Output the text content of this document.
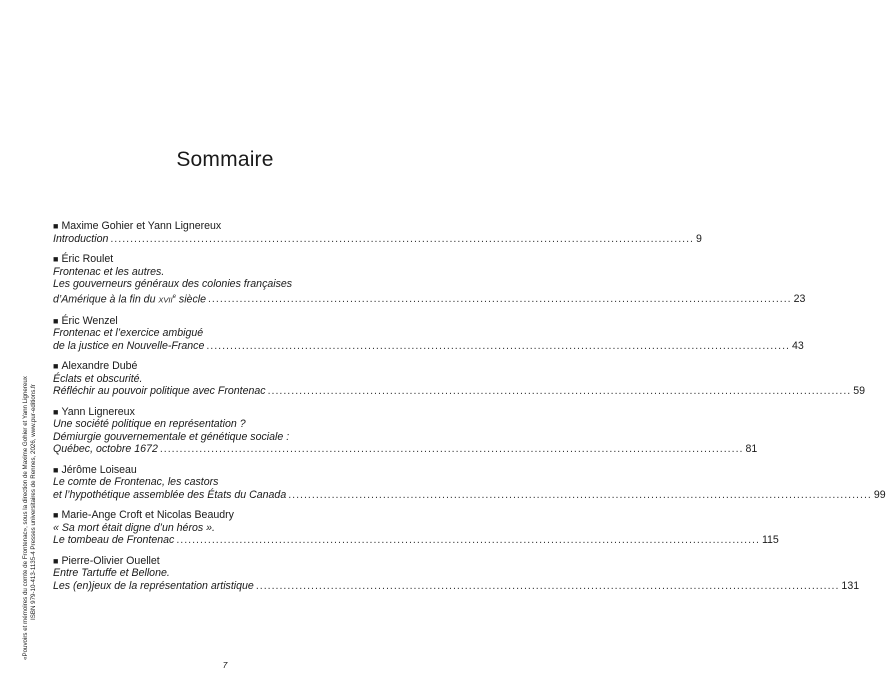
Sommaire
■ Maxime Gohier et Yann Lignereux
Introduction .................................................................................................................................................... 9
■ Éric Roulet
Frontenac et les autres.
Les gouverneurs généraux des colonies françaises
d’Amérique à la fin du XVIIe siècle .................................................................................................................................................... 23
■ Éric Wenzel
Frontenac et l’exercice ambigué
de la justice en Nouvelle-France .................................................................................................................................................... 43
■ Alexandre Dubé
Éclats et obscurité.
Réfléchir au pouvoir politique avec Frontenac .................................................................................................................................................... 59
■ Yann Lignereux
Une société politique en représentation ?
Démiurgie gouvernementale et génétique sociale :
Québec, octobre 1672 .................................................................................................................................................... 81
■ Jérôme Loiseau
Le comte de Frontenac, les castors
et l’hypothétique assemblée des États du Canada .................................................................................................................................................... 99
■ Marie-Ange Croft et Nicolas Beaudry
« Sa mort était digne d’un héros ».
Le tombeau de Frontenac .................................................................................................................................................... 115
■ Pierre-Olivier Ouellet
Entre Tartuffe et Bellone.
Les (en)jeux de la représentation artistique .................................................................................................................................................... 131
«Pouvoirs et mémoires du comte de Frontenac», sous la direction de Maxime Gohier et Yann Lignereux ISBN 979-10-413-1135-4 Presses universitaires de Rennes, 2026, www.pur-editions.fr
7
